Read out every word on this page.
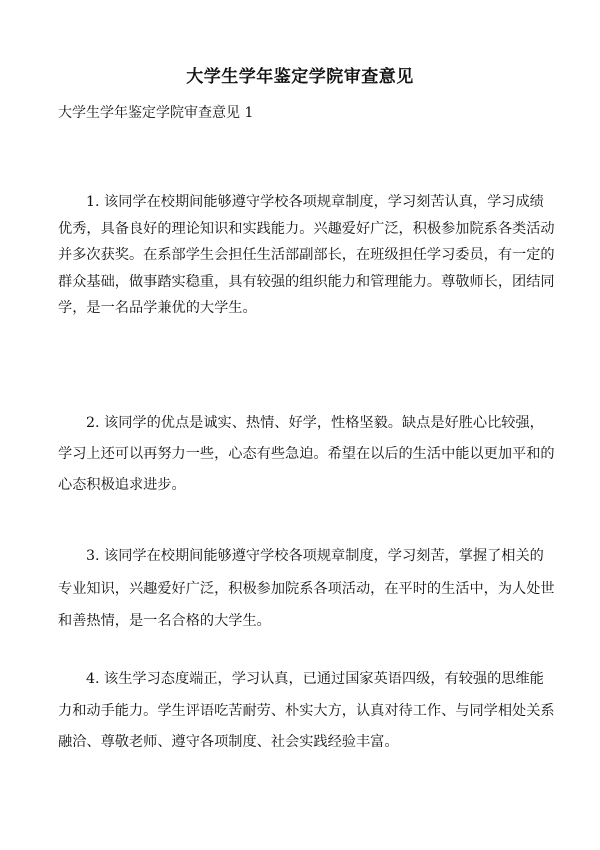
大学生学年鉴定学院审查意见
大学生学年鉴定学院审查意见 1
1. 该同学在校期间能够遵守学校各项规章制度，学习刻苦认真，学习成绩
优秀，具备良好的理论知识和实践能力。兴趣爱好广泛，积极参加院系各类活动
并多次获奖。在系部学生会担任生活部副部长，在班级担任学习委员，有一定的
群众基础，做事踏实稳重，具有较强的组织能力和管理能力。尊敬师长，团结同
学，是一名品学兼优的大学生。
2. 该同学的优点是诚实、热情、好学，性格坚毅。缺点是好胜心比较强，
学习上还可以再努力一些，心态有些急迫。希望在以后的生活中能以更加平和的
心态积极追求进步。
3. 该同学在校期间能够遵守学校各项规章制度，学习刻苦，掌握了相关的
专业知识，兴趣爱好广泛，积极参加院系各项活动，在平时的生活中，为人处世
和善热情，是一名合格的大学生。
4. 该生学习态度端正，学习认真，已通过国家英语四级，有较强的思维能
力和动手能力。学生评语吃苦耐劳、朴实大方，认真对待工作、与同学相处关系
融洽、尊敬老师、遵守各项制度、社会实践经验丰富。
